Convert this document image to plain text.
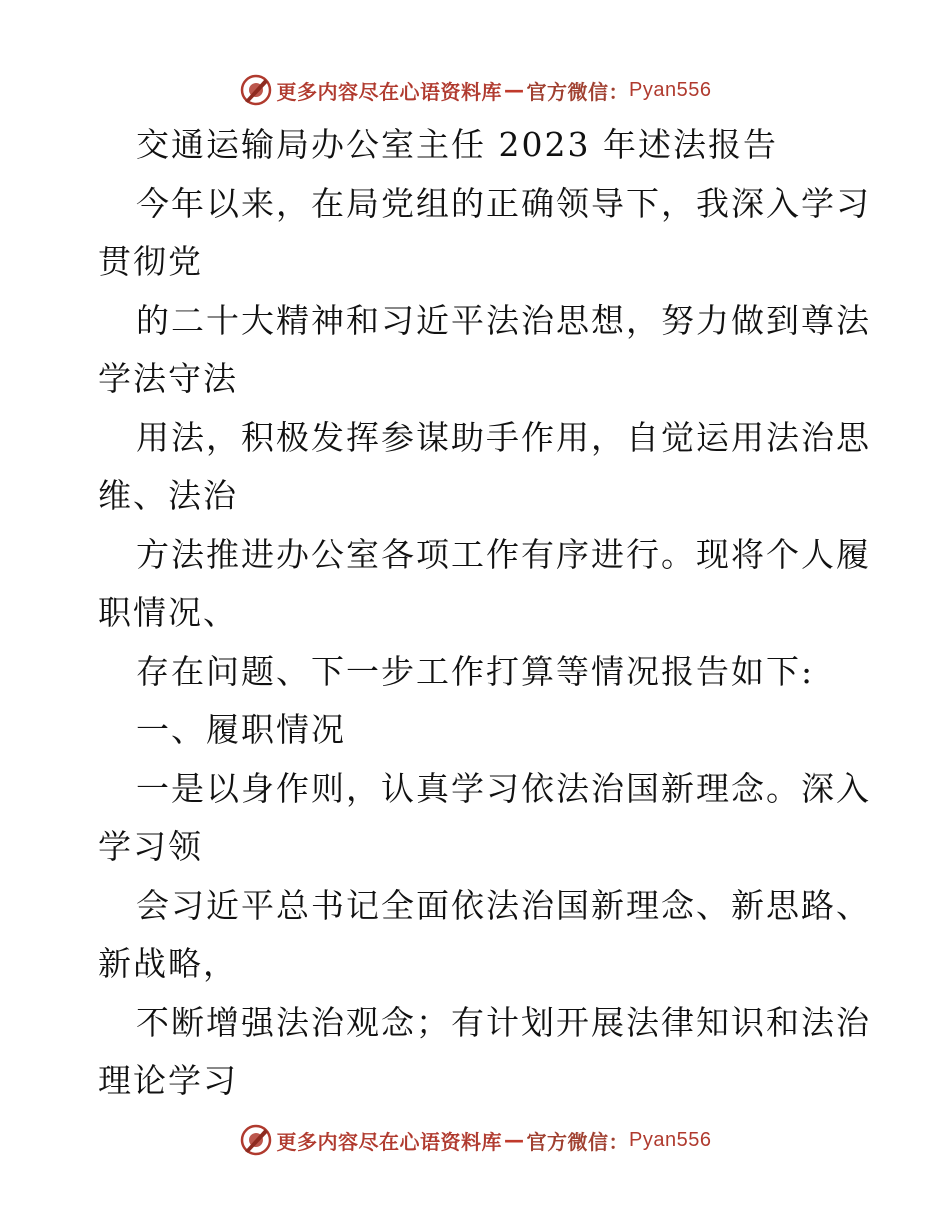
更多内容尽在心语资料库 — 官方微信： Pyan556
交通运输局办公室主任 2023 年述法报告
今年以来，在局党组的正确领导下，我深入学习
贯彻党
的二十大精神和习近平法治思想，努力做到尊法
学法守法
用法，积极发挥参谋助手作用，自觉运用法治思
维、法治
方法推进办公室各项工作有序进行。现将个人履
职情况、
存在问题、下一步工作打算等情况报告如下:
一、履职情况
一是以身作则，认真学习依法治国新理念。深入
学习领
会习近平总书记全面依法治国新理念、新思路、
新战略，
不断增强法治观念；有计划开展法律知识和法治
理论学习
更多内容尽在心语资料库 — 官方微信： Pyan556
